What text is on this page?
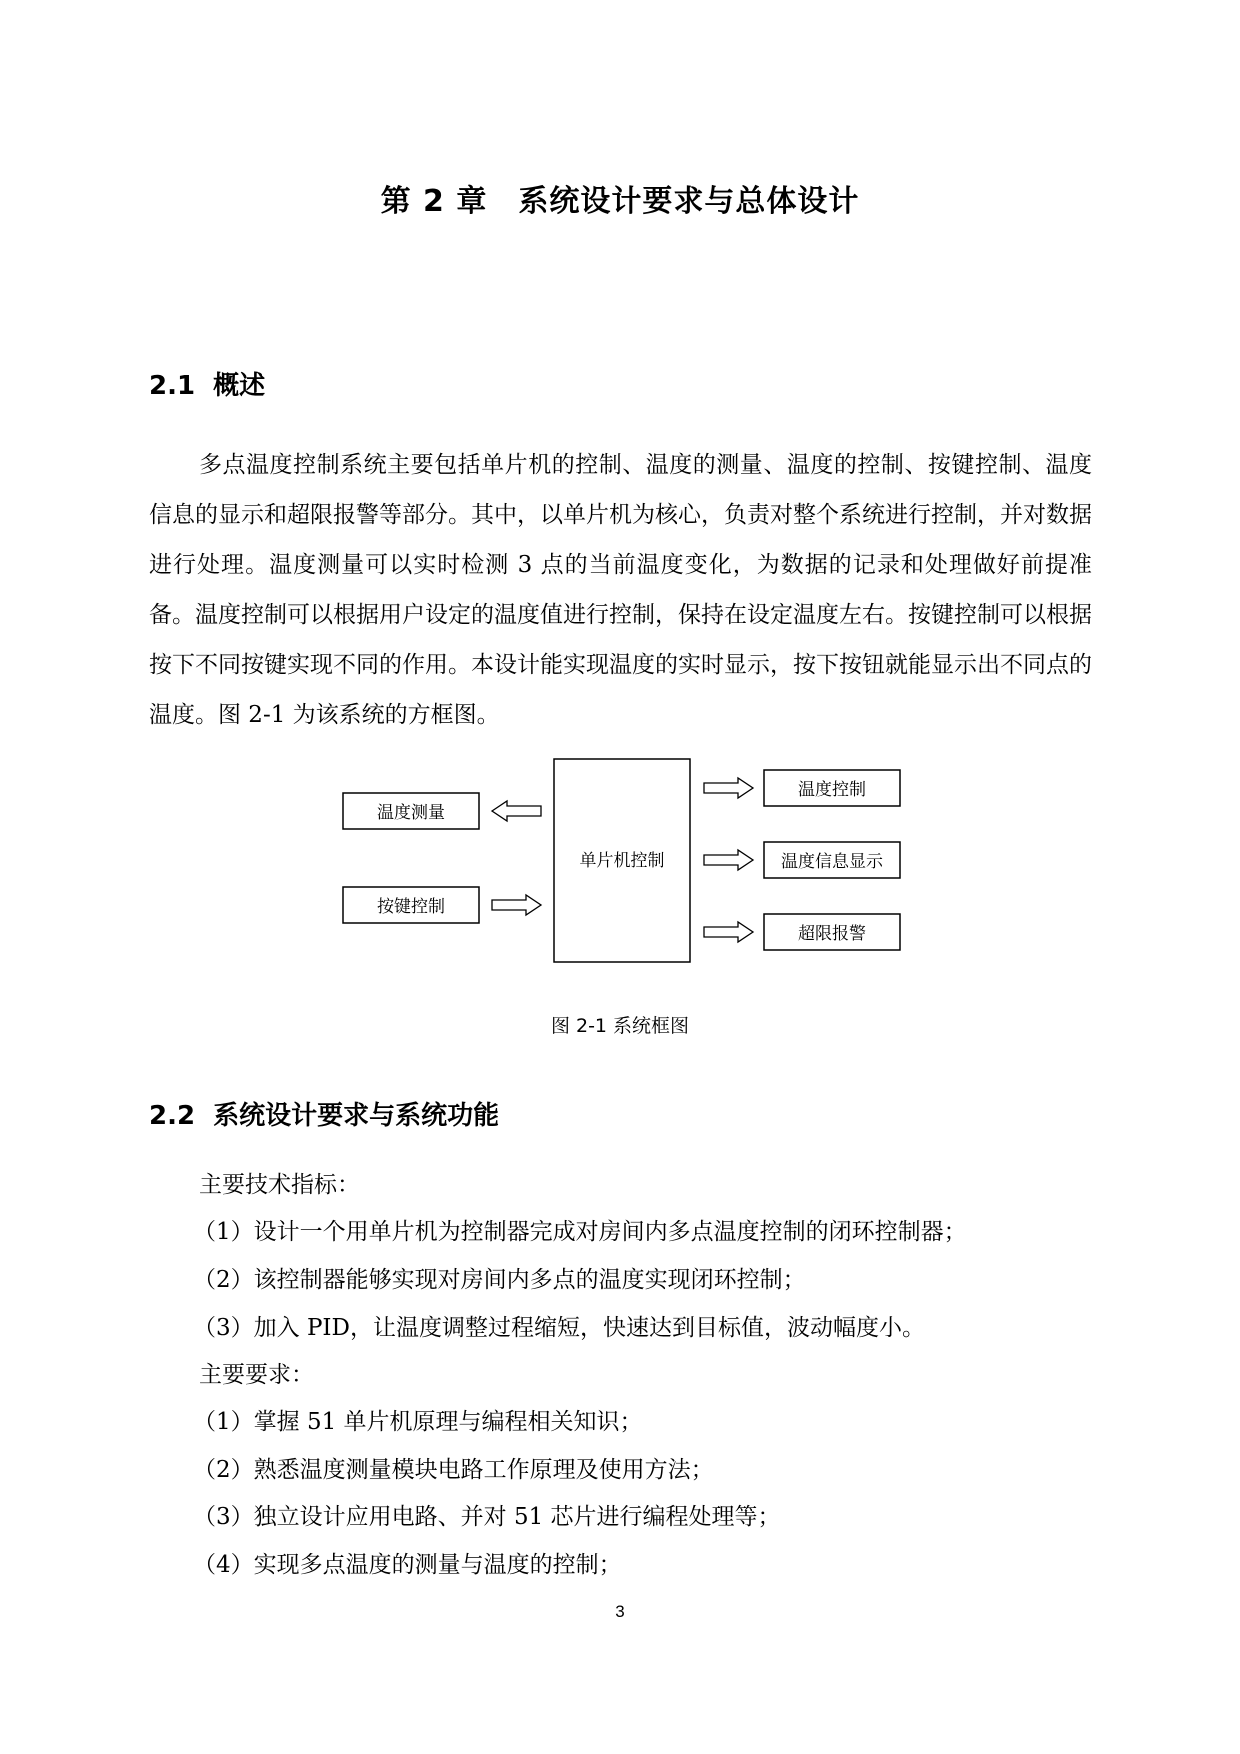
第 2 章　系统设计要求与总体设计
2.1  概述

多点温度控制系统主要包括单片机的控制、温度的测量、温度的控制、按键控制、温度信息的显示和超限报警等部分。其中，以单片机为核心，负责对整个系统进行控制，并对数据进行处理。温度测量可以实时检测 3 点的当前温度变化，为数据的记录和处理做好前提准备。温度控制可以根据用户设定的温度值进行控制，保持在设定温度左右。按键控制可以根据按下不同按键实现不同的作用。本设计能实现温度的实时显示，按下按钮就能显示出不同点的温度。图 2-1 为该系统的方框图。

单片机控制
温度测量
按键控制
温度控制
温度信息显示
超限报警
图 2-1 系统框图
2.2  系统设计要求与系统功能
主要技术指标：
（1）设计一个用单片机为控制器完成对房间内多点温度控制的闭环控制器；
（2）该控制器能够实现对房间内多点的温度实现闭环控制；
（3）加入 PID，让温度调整过程缩短，快速达到目标值，波动幅度小。
主要要求：
（1）掌握 51 单片机原理与编程相关知识；
（2）熟悉温度测量模块电路工作原理及使用方法；
（3）独立设计应用电路、并对 51 芯片进行编程处理等；
（4）实现多点温度的测量与温度的控制；
3
